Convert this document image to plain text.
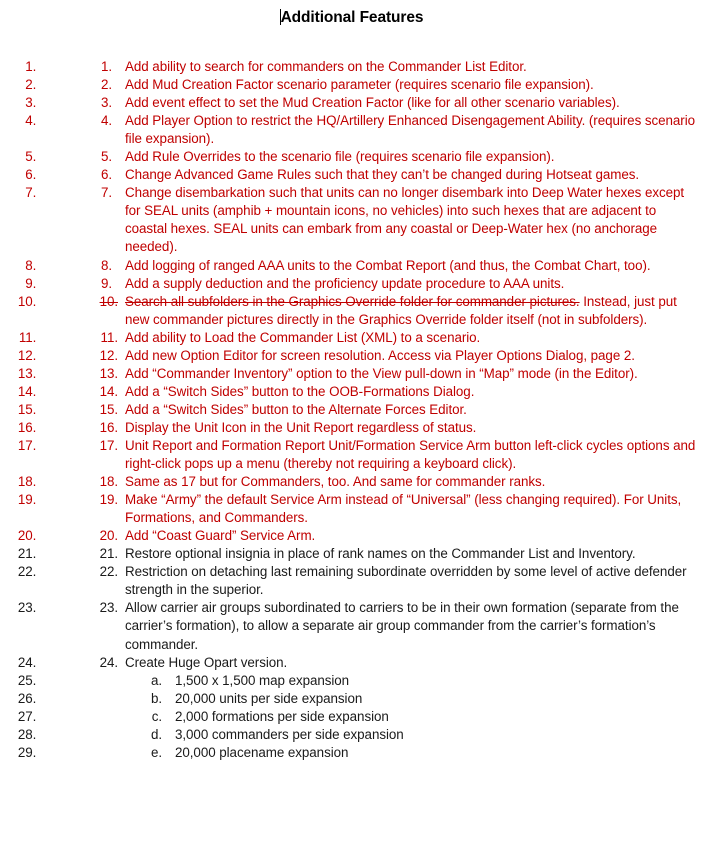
Additional Features
1. 1. Add ability to search for commanders on the Commander List Editor.
2. 2. Add Mud Creation Factor scenario parameter (requires scenario file expansion).
3. 3. Add event effect to set the Mud Creation Factor (like for all other scenario variables).
4. 4. Add Player Option to restrict the HQ/Artillery Enhanced Disengagement Ability. (requires scenario file expansion).
5. 5. Add Rule Overrides to the scenario file (requires scenario file expansion).
6. 6. Change Advanced Game Rules such that they can’t be changed during Hotseat games.
7. 7. Change disembarkation such that units can no longer disembark into Deep Water hexes except for SEAL units (amphib + mountain icons, no vehicles) into such hexes that are adjacent to coastal hexes. SEAL units can embark from any coastal or Deep-Water hex (no anchorage needed).
8. 8. Add logging of ranged AAA units to the Combat Report (and thus, the Combat Chart, too).
9. 9. Add a supply deduction and the proficiency update procedure to AAA units.
10. 10. Search all subfolders in the Graphics Override folder for commander pictures. Instead, just put new commander pictures directly in the Graphics Override folder itself (not in subfolders).
11. 11. Add ability to Load the Commander List (XML) to a scenario.
12. 12. Add new Option Editor for screen resolution. Access via Player Options Dialog, page 2.
13. 13. Add “Commander Inventory” option to the View pull-down in “Map” mode (in the Editor).
14. 14. Add a “Switch Sides” button to the OOB-Formations Dialog.
15. 15. Add a “Switch Sides” button to the Alternate Forces Editor.
16. 16. Display the Unit Icon in the Unit Report regardless of status.
17. 17. Unit Report and Formation Report Unit/Formation Service Arm button left-click cycles options and right-click pops up a menu (thereby not requiring a keyboard click).
18. 18. Same as 17 but for Commanders, too. And same for commander ranks.
19. 19. Make “Army” the default Service Arm instead of “Universal” (less changing required). For Units, Formations, and Commanders.
20. 20. Add “Coast Guard” Service Arm.
21. 21. Restore optional insignia in place of rank names on the Commander List and Inventory.
22. 22. Restriction on detaching last remaining subordinate overridden by some level of active defender strength in the superior.
23. 23. Allow carrier air groups subordinated to carriers to be in their own formation (separate from the carrier’s formation), to allow a separate air group commander from the carrier’s formation’s commander.
24. 24. Create Huge Opart version.
25. a. 1,500 x 1,500 map expansion
26. b. 20,000 units per side expansion
27. c. 2,000 formations per side expansion
28. d. 3,000 commanders per side expansion
29. e. 20,000 placename expansion
